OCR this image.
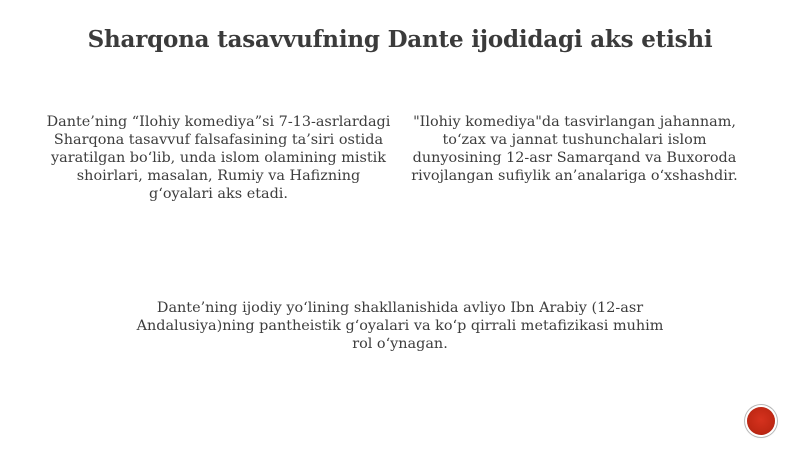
Sharqona tasavvufning Dante ijodidagi aks etishi

Dante’ning “Ilohiy komediya”si 7-13-asrlardagi Sharqona tasavvuf falsafasining ta’siri ostida yaratilgan bo‘lib, unda islom olamining mistik shoirlari, masalan, Rumiy va Hafizning g‘oyalari aks etadi.

"Ilohiy komediya"da tasvirlangan jahannam, to‘zax va jannat tushunchalari islom dunyosining 12-asr Samarqand va Buxoroda rivojlangan sufiylik an’analariga o‘xshashdir.

Dante’ning ijodiy yo‘lining shakllanishida avliyo Ibn Arabiy (12-asr Andalusiya)ning pantheistik g‘oyalari va ko‘p qirrali metafizikasi muhim rol o‘ynagan.
